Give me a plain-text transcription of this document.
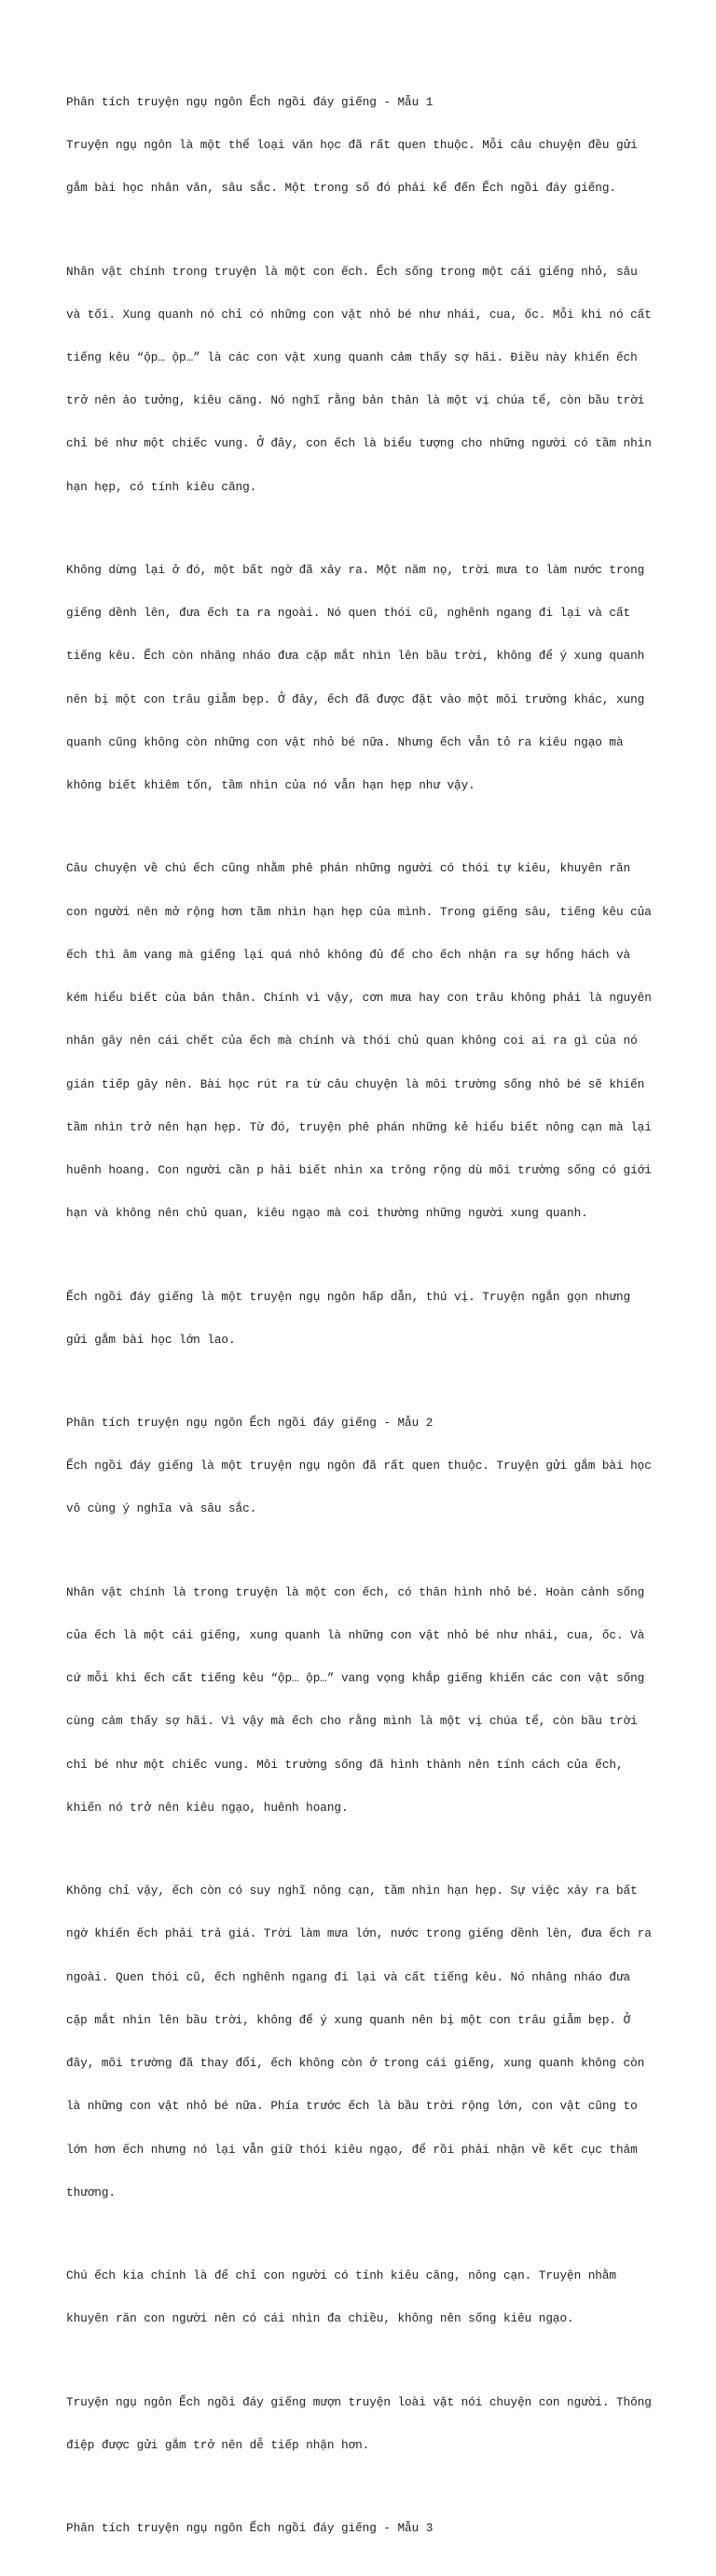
Phân tích truyện ngụ ngôn Ếch ngồi đáy giếng - Mẫu 1

Truyện ngụ ngôn là một thể loại văn học đã rất quen thuộc. Mỗi câu chuyện đều gửi

gắm bài học nhân văn, sâu sắc. Một trong số đó phải kể đến Ếch ngồi đáy giếng.

Nhân vật chính trong truyện là một con ếch. Ếch sống trong một cái giếng nhỏ, sâu

và tối. Xung quanh nó chỉ có những con vật nhỏ bé như nhái, cua, ốc. Mỗi khi nó cất

tiếng kêu “ộp… ộp…” là các con vật xung quanh cảm thấy sợ hãi. Điều này khiến ếch

trở nên ảo tưởng, kiêu căng. Nó nghĩ rằng bản thân là một vị chúa tể, còn bầu trời

chỉ bé như một chiếc vung. Ở đây, con ếch là biểu tượng cho những người có tầm nhìn

hạn hẹp, có tính kiêu căng.

Không dừng lại ở đó, một bất ngờ đã xảy ra. Một năm nọ, trời mưa to làm nước trong

giếng dềnh lên, đưa ếch ta ra ngoài. Nó quen thói cũ, nghênh ngang đi lại và cất

tiếng kêu. Ếch còn nhâng nháo đưa cặp mắt nhìn lên bầu trời, không để ý xung quanh

nên bị một con trâu giẫm bẹp. Ở đây, ếch đã được đặt vào một môi trường khác, xung

quanh cũng không còn những con vật nhỏ bé nữa. Nhưng ếch vẫn tỏ ra kiêu ngạo mà

không biết khiêm tốn, tầm nhìn của nó vẫn hạn hẹp như vậy.

Câu chuyện về chú ếch cũng nhằm phê phán những người có thói tự kiêu, khuyên răn

con người nên mở rộng hơn tầm nhìn hạn hẹp của mình. Trong giếng sâu, tiếng kêu của

ếch thì âm vang mà giếng lại quá nhỏ không đủ để cho ếch nhận ra sự hổng hách và

kém hiểu biết của bản thân. Chính vì vậy, cơn mưa hay con trâu không phải là nguyên

nhân gây nên cái chết của ếch mà chính và thói chủ quan không coi ai ra gì của nó

gián tiếp gây nên. Bài học rút ra từ câu chuyện là môi trường sống nhỏ bé sẽ khiến

tầm nhìn trở nên hạn hẹp. Từ đó, truyện phê phán những kẻ hiểu biết nông cạn mà lại

huênh hoang. Con người cần p hải biết nhìn xa trông rộng dù môi trường sống có giới

hạn và không nên chủ quan, kiêu ngạo mà coi thường những người xung quanh.

Ếch ngồi đáy giếng là một truyện ngụ ngôn hấp dẫn, thú vị. Truyện ngắn gọn nhưng

gửi gắm bài học lớn lao.

Phân tích truyện ngụ ngôn Ếch ngồi đáy giếng - Mẫu 2

Ếch ngồi đáy giếng là một truyện ngụ ngôn đã rất quen thuộc. Truyện gửi gắm bài học

vô cùng ý nghĩa và sâu sắc.

Nhân vật chính là trong truyện là một con ếch, có thân hình nhỏ bé. Hoàn cảnh sống

của ếch là một cái giếng, xung quanh là những con vật nhỏ bé như nhái, cua, ốc. Và

cứ mỗi khi ếch cất tiếng kêu “ộp… ộp…” vang vọng khắp giếng khiến các con vật sống

cùng cảm thấy sợ hãi. Vì vậy mà ếch cho rằng mình là một vị chúa tể, còn bầu trời

chỉ bé như một chiếc vung. Môi trường sống đã hình thành nên tính cách của ếch,

khiến nó trở nên kiêu ngạo, huênh hoang.

Không chỉ vậy, ếch còn có suy nghĩ nông cạn, tầm nhìn hạn hẹp. Sự việc xảy ra bất

ngờ khiến ếch phải trả giá. Trời làm mưa lớn, nước trong giếng dềnh lên, đưa ếch ra

ngoài. Quen thói cũ, ếch nghênh ngang đi lại và cất tiếng kêu. Nó nhâng nháo đưa

cặp mắt nhìn lên bầu trời, không để ý xung quanh nên bị một con trâu giẫm bẹp. Ở

đây, môi trường đã thay đổi, ếch không còn ở trong cái giếng, xung quanh không còn

là những con vật nhỏ bé nữa. Phía trước ếch là bầu trời rộng lớn, con vật cũng to

lớn hơn ếch nhưng nó lại vẫn giữ thói kiêu ngạo, để rồi phải nhận về kết cục thảm

thương.

Chú ếch kia chính là để chỉ con người có tính kiêu căng, nông cạn. Truyện nhằm

khuyên răn con người nên có cái nhìn đa chiều, không nên sống kiêu ngạo.

Truyện ngụ ngôn Ếch ngồi đáy giếng mượn truyện loài vật nói chuyện con người. Thông

điệp được gửi gắm trở nên dễ tiếp nhận hơn.

Phân tích truyện ngụ ngôn Ếch ngồi đáy giếng - Mẫu 3
